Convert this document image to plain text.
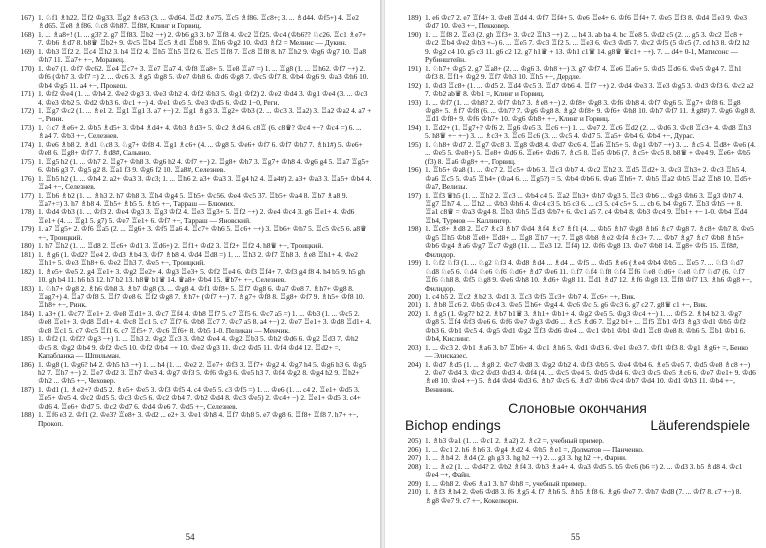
167) 1. ♘f1 ♗h22. ♖f2 ♔g33. ♖g2 ♗e53 (3. ... ♔d64. ♖d2 ♗e75. ♖c5 ♗f86. ♖c8+; 3. ... ♗d44. ♔f5+) 4. ♖e2 ♗d65. ♖e8 ♗f86. ♘c8 ♔h87. ♖f8#, Клинг и Горвиц.
168) 1. ... ♗a8+! (1. ... g3? 2. g7 ♖f83. ♖b2 −+) 2. ♔b6 g3 3. b7 ♖f8 4. ♔c2 ♖f25. ♔c4 (♔b6?? ♘c26. ♖c1 ♗e7+ 7. ♔b6 ♗d7 8. b8♛ ♖b2+ 9. ♔c5 ♖b4 ♖c5 ♗d1 ♖b8 9. ♖h6 ♔g2 10. ♔d3 ♗f2 = Мелнис — Дукин.
169) 1. ♔h3 ♖f2 2. ♖c4 ♖h2 3. h4 ♖f2 4. ♖h5 ♖h5 ♖f2 6. ♖c5 ♖f8 7. ♖c8 ♖f8 8. h7 ♖h2 9. ♔g6 ♔g7 10. ♖a8 ♔h7 11. ♖a7+ +−, Моравец.
170) 1. ♔e7 (1. ♔f7 ♔c62. ♖e4 ♖c7+ 3. ♖e7 ♖a7 4. ♔f8 ♖a8+ 5. ♖e8 ♖a7 =) 1. ... ♖g8 (1. ... ♖h62. ♔f7 −+) 2. ♔f6 (♔h7 3. ♔f7 =) 2. ... ♔c6 3. ♗g5 ♔g8 5. ♔e7 ♔h8 6. ♔d6 ♔g8 7. ♔c5 ♔f7 8. ♔b4 ♔g6 9. ♔a3 ♔h6 10. ♔b4 ♔g5 11. a4 +−, Прокеш.
171) 1. ♔f2 ♔e4 (1. ... ♔h4 2. ♔e2 ♔g3 3. ♔e3 ♔h2 4. ♔f2 ♔h3 5. ♔g1 ♔f2) 2. ♔e2 ♔d4 3. ♔g1 ♔e4 (3. ... ♔c3 4. ♔e3 ♔b2 5. ♔d2 ♔b3 6. ♔c1 +−) 4. ♔e1 ♔e5 5. ♔e3 ♔d5 6. ♔d2 1−0, Реги.
172) 1. ♖g7 ♔c2 (1. ... ♗e1 2. ♖g1 ♖g1 3. a7 +−) 2. ♖g1 ♗g3 3. ♖g2+ ♔b3 (2. ... ♔c3 3. ♖a2) 3. ♖a2 ♔a2 4. a7 +−, Рини.
173) 1. ♘c7 ♗e6+ 2. ♔b5 ♗d5+ 3. ♔b4 ♗d4+ 4. ♔b3 ♗d3+ 5. ♔c2 ♗d4 6. c8♖ (6. c8♛? ♔c4 +−? ♔c4 =) 6. ... ♗a4 7. ♔b3 +−, Селезнев.
174) 1. ♔e6 ♗b8 2. ♗d1 ♘c8 3. ♘g7+ ♔f8 4. ♖g1 ♗c6+ (4. ... ♔g8 5. ♔e6+ ♔f7 6. ♔f7 ♔h7 7. ♗h1#) 5. ♔e6+ ♔e8 6. ♖g8+ ♔f7 7. ♗d8#, Сальвио.
175) 1. ♖g5 h2 (1. ... ♔h7 2. ♖g7+ ♔h8 3. ♔g6 h2 4. ♔f7 +−) 2. ♖g8+ ♔h7 3. ♖g7+ ♔h8 4. ♔g6 g4 5. ♖a7 ♖g5+ 6. ♔h6 g3 7. ♔g5 g2 8. ♖a1 f3 9. ♔g6 f2 10. ♖a8#, Селезнев.
176) 1. ♖b5 h2 (1. ... ♔h4 2. a2+ ♔a3 3. ♔c3; 1. ... ♖h6 2. a3+ ♔a3 3. ♖g4 h2 4. ♖a4#) 2. a3+ ♔a3 3. ♖a5+ ♔b4 4. ♖a4 +−, Селезнев.
177) 1. ♖b6 ♗b2 (1. ... ♗h3 2. h7 ♔h8 3. ♖h4 ♔g4 5. ♖b5+ ♔c56. ♔e4 ♔c5 37. ♖b5+ ♔a4 8. ♖b7 ♗a8 9. ♖a7+=) 3. h7 ♗b8 4. ♖b5+ ♗b5 5. ♗b5 +−, Тарраш — Блюмих.
178) 1. ♔d4 ♔b3 (1. ... ♔f3 2. ♔e4 ♔g3 3. ♖g3 ♔f2 4. ♖e3 ♖g3+ 5. ♖f2 −+) 2. ♔e4 ♔c4 3. g6 ♖e1+ 4. ♔d6 ♖e1+ (4. ... ♖g1 5. g7) 5. ♔e7 ♖e1+ 6. ♔f7 +−, Тарраш — Яновский.
179) 1. a7 ♖g5+ 2. ♔f6 ♖a5 (2. ... ♖g6+ 3. ♔f5 ♖a6 4. ♖c7+ ♔h6 5. ♖c6+ −+) 3. ♖b6+ ♔h7 5. ♖c5 ♔c5 6. a8♛ +−, Троицкий.
180) 1. h7 ♖h2 (1. ... ♖d8 2. ♖c6+ ♔d1 3. ♖d6+) 2. ♖f1+ ♔d2 3. ♖f2+ ♖f2 4. h8♛ +−, Троицкий.
181) 1. ♗g6 (1. ♔d2? ♖e4 2. ♔d3 ♗b4 3. ♔f7 ♗b8 4. ♔d4 ♖d8 =) 1. ... ♖h3 2. ♔f7 ♖h8 3. ♗e8 ♖h1+ 4. ♔e2 ♖h1+ 5. ♔e3 ♖h8+ 6. ♔e2 ♖h3 7. ♔e5 +−, Троицкий.
182) 1. ♗e5+ ♔e5 2. g4 ♖e1+ 3. ♔g2 ♖e2+ 4. ♔g3 ♖e3+ 5. ♔f2 ♖e4 6. ♔f3 ♖f4+ 7. ♔f3 g4 f8 4. h4 b5 9. h5 gh 10. gh b4 11. h6 b3 12. h7 b2 13. h8♛ b1♛ 14. ♛a8+ ♔b4 15. ♛b7+ +−, Селезнев.
183) 1. ♘h7+ ♔g8 2. ♗h6 ♔h8 3. ♗b7 ♔g8 (3. ... ♔g8 4. ♔f1 ♔f8+ 5. ♖f7 ♔g8 6. ♔a7 ♔e8 7. ♗h7+ ♔g8 8. ♖ag7+) 4. ♖a7 ♔f8 5. ♖f7 ♔e8 6. ♖f2 ♔g8 7. ♗h7+ (♔f7 +−) 7. ♗g7+ ♔f8 8. ♖g8+ ♔f7 9. ♗h5+ ♔f8 10. ♖h8+ +−, Ринк.
184) 1. a3+ (1. ♔c7? ♖e1+ 2. ♔e8 ♖d1+ 3. ♔c7 ♖f4 4. ♔b8 ♖f7 5. c7 ♖f5 6. ♔c7 a5 =) 1. ... ♔b3 (1. ... ♔c5 2. ♔e8 ♖e1+ 3. ♔d8 ♖d1+ 4. ♔c8 ♖c1 5. c7 ♖f7 6. ♔b8 ♖c7 7. ♔c7 a5 8. a4 +−) 2. ♔e7 ♖e1+ 3. ♔d8 ♖d1+ 4. ♔c8 ♖c1 5. c7 ♔c5 ♖f1 6. c7 ♖f5+ 7. ♔c6 ♖f6+ 8. ♔b5 1-0. Пеликан — Менчик.
185) 1. ♔f2 (1. ♔f2? ♔g3 −+) 1. ... ♖h3 2. ♔g2 ♖c3 3. ♔h2 ♔e4 4. ♔g2 ♖b3 5. ♔h2 ♔d6 6. ♔g2 ♖d3 7. ♔h2 ♔c5 8. ♔g2 ♔b4 9. ♔f2 ♔c5 10. ♔f2 ♔b4 −+ 10. ♔e2 ♔g3 11. ♔c2 ♔d5 11. ♔f4 ♔d4 12. ♖d2+ =, Капабланка — Шпильман.
186) 1. ♔g8 (1. ♔g6? h4 2. ♔h5 h3 −+) 1. ... h4 (1. ... ♔e2 2. ♖e7+ ♔f3 3. ♖f7+ ♔g2 4. ♔g7 h4 5. ♔g6 h3 6. ♔g5 h2 7. ♖h7 +−) 2. ♖e7 ♔d2 3. ♖h7 ♔e3 4. ♔g7 ♔f3 5. ♔f6 ♔g3 6. ♔e5 h3 7. ♔f4 ♔g2 8. ♔g4 h2 9. ♖h2+ ♔h2 ... ♔h5 +−, Чеховер.
187) 1. ♔d1 (1. ♗e2+? ♔d5 2. ♗e5+ ♔e5 3. ♔f3 ♔f5 4. c4 ♔e5 5. c3 ♔f5 =) 1. ... ♔e6 (1. ... c4 2. ♖e1+ ♔d5 3. ♖e5+ ♔e5 4. ♔c2 ♔d5 5. ♔c3 ♔c5 6. ♔c2 ♔b4 7. ♔b2 ♔d4 8. ♔c3 ♔e5) 2. ♔c4+ −) 2. ♖e1+ ♔d5 3. c4+ ♔d6 4. ♖e6+ ♔d7 5. ♔c2 ♔d7 6. ♔d4 ♔e6 7. ♔d5 +−, Селезнев.
188) 1. ♖f6 e3 2. ♔f1 (2. ♔e3? ♖e8+ 3. ♔d2 ... e2+ 3. ♔e1 ♔h8 4. ♖f7 ♔h8 5. e7 ♔g8 6. ♖f8+ ♖f8 7. h7+ +−, Прокоп.
54
189) 1. e6 ♔c7 2. e7 ♖f4+ 3. ♔e8 ♖d4 4. ♔f7 ♖f4+ 5. ♔e6 ♖e4+ 6. ♔f6 ♖f4+ 7. ♔e5 ♖f3 8. ♔d4 ♖e3 9. ♔e3 ♔d7 10. ♔e3 +−, Пекковер.
190) 1. ... ♖f8 2. ♖e3 (2. gh ♖f3+ 3. ♔c2 ♖h3 −+) 2. ... h4 3. ab ba 4. bc ♖e8 5. ♔d2 c5 (2. ... g5 3. ♔c2 ♖c8 + ♔c2 ♖b4 ♔e2 ♔b3 +–) 6. ... ♖e5 7. ♔c3 ♖f2 5. ... ♖e3 6. ♔c3 ♔d5 7. ♔c2 ♔f5 (5 ♔c5 (7. cd h3 8. ♔f2 h2 9. ♔g2 c4 10. g5 c3 11. g6 c2 12. g7 h1♛ + 13. ♔h1 c1♛ 14. g8♛ ♛c1+ −+). 7. ... d4+ 0-1, Матисонс — Рубинштейн.
191) 1. ♘h7+ ♔g5 2. g7 ♖a8+ (2. ... ♔g6 3. ♔h8 +−) 3. g7 ♔f7 4. ♖e6 ♖a6+ 5. ♔d5 ♖d6 6. ♔e5 ♔g4 7. ♖h1 ♔f3 8. ♖f1+ ♔g2 9. ♖f7 ♔h3 10. ♖h5 +−, Дердле.
192) 1. ♔d3 ♖c8+ (1. ... ♔d5 2. ♖d4 ♔c5 3. ♖d7 ♔b6 4. ♖f7 −+) 2. ♔d4 ♔e3 3. ♖e3 ♔g5 3. ♔d3 ♔f3 6. ♔c2 a2 7. ♔b2 ab♛ 8. ♔b1 =, Клинг и Горвиц.
193) 1. ... ♔f7 (1. ... ♔h8? 2. ♔f7 ♔h7 3. ♗e8 +−) 2. ♔f8+ ♔g8 3. ♔f6 ♔h8 4. ♔f7 ♔g6 5. ♖g7+ ♔f8 6. ♖g8 ♔g8+ 5. ♗f7 ♔f8 (6. ... ♔h7? 7. ♔g6 ♔g8 8. ♗g2 ♔f8+ 9. ♔f6+ ♔h8 10. ♔h7 ♔f7 11. ♗g8#) 7. ♔g6 ♔g8 8. ♖d1 ♔f8+ 9. ♔f6 ♔h7+ 10. ♔g6 ♔h8+ +−, Клинг и Горвиц.
194) 1. ♖d2+ (1. ♖g7+? ♔f6 2. ♖g6 ♔e5 3. ♖c6 +−) 1. ... ♔e7 2. ♖c6 ♖d2 (2. ... ♔d6 3. ♔c8 ♖c3+ 4. ♔d8 ♖h3 5. h8♛ +− +−) 3. ... ♗c3+ 3. ♖c6 ♖c6 (3. ... ♔c5 4. ♔d7 5. ♖a5+ ♔b4 6. ♔b4 +−, Дурас.
195) 1. ♘h8+ ♔d7 2. ♖g7 ♔c8 3. ♖g8 ♔d8 4. ♔d7 ♔c6 4. ♖a6 ♖h5+ 5. ♔g1 ♔b7 −+) 3. ... ♗c5 4. ♖d8+ ♔e6 (4. ... ♔e5 5. ♔e8+) 5. ♖e8+ ♔d6 6. ♖e6+ ♔d6 7. ♗c5 8. ♖e5 ♔b6 (7. ♗c5+ ♔c5 8. b8♛ + ♔e4 9. ♖e6+ ♔b5 (f3) 8. ♖a6 ♔g8+ +−, Горвиц.
196) 1. ♖b5+ ♔a8 (1. ... ♔c7 2. ♖c5+ ♔b6 3. ♖c3 ♔b7 4. ♔c2 ♖h2 3. ♖d5 ♖d2+ 3. ♔c3 ♖h3+ 2. ♔c3 ♖h5 4. ♔a6 ♖c5 5. ♔a5 ♖h4+ (♔a4 6. ... ♖g5?) = 5. ♔b4 ♔b6 6. ♔a6 ♖h6+ 7. ♔b5 ♖a2 ♔b5 ♖a2 ♖h8 10. ♖d5+ ♔a7, Велизы.
197) 1. ♖f3 ♛h5 (1. ... ♖h2 2. ♖c3 ... ♔b4 c4 5. ♖a2 ♖h3+ ♔h7 ♔g3 5. ♖c3 ♔b6 ... ♔g3 ♔h6 3. ♖g3 ♔h7 4. ♖g7 ♖h7 4. ... ♖h2 ... ♔b3 ♔h6 4. ♔c4 c3 5. b5 c3 6. ... c3 5. c4 c5+ 5. ... cb 6. b4 ♔g6 7. ♖b3 ♔h5 −+ 8. ♖a1 c8♛ = ♔a3 ♔g4 8. ♖b3 ♔h5 ♖d3 ♔b7+ 6. ♔c1 a5 7. c4 ♔b4 8. ♔b3 ♔c4 9. ♖b1+ +− 1-0. ♔b4 ♖d4 ♖b4, Турмов — Каллингер.
198) 1. ♖c8+ ♗d8 2. ♖c7 ♗c3 ♗b7 ♔d4 ♗f4 ♗c7 ♗f1 (4. ... ♔b5 ♗h7 ♔g8 ♗h6 ♗c7 ♔g8 7. ♗c8+ ♔h7 8. ♔e5 ♔g5 ♖h5 ♔b8 ♖e8+ ♖d8+ ... ♖g8 ♖h7 −+; 7. ♖g8 ♔b8 ♗e2 ♔f4 ♗c3+ 7. ... ♔b7 ♗g7 ♗c7 ♔b8 ♗h5+ ♔b6 ♔g4 ♗a6 ♔g7 ♖c7 ♔g8 (11. ... ♖e3 12. ♖f4) 12. ♔f6 ♔g8 13. ♔e7 ♔b8 14. ♖g8+ ♔f5 15. ♖f8#, Филидор.
199) 1. ♘f2 ♘f3 (1. ... ♘g2 ♘f3 4. ♔d8 ♗d4 ... ♗d4 ... ♔f5 ... ♔d5 ♗e6 (♗e4 ♔b4 ♔b5 ... ♖e5 7. ... ♘f3 ♘d7 ♘d8 ♘e5 6. ♘d4 ♘e6 ♘f6 ♘d6+ ♗d7 ♔e6 11. ♘f7 ♘f4 ♘f8 ♘f4 ♖f6 ♘e8 ♘d6+ ♘e8 ♘f7 ♘d7 (6. ♘f7 ♖f6 ♘h8 8. ♔f5 ♘g8 9. ♔e6 ♔h8 10. ♗d6+ ♔g8 11. ♖d1 ♗d7 12. ♗f6 ♔g8 13. ♖f8 ♔f7 13. ♗h6 ♔g8 +−, Филидор.
200) 1. c4 b5 2. ♖c2 ♗b2 3. ♔d1 3. ♖c3 ♔f5 ♖c3+ ♔b7 4. ♖c6+ −+, Вик.
201) 1. ♗b8 ♖c6 2. ♔b5 ♔c4 3. ♔e5 ♖h6+ ♔g4 4. ♔c6 ♔c 5. g6 ♔c3 6. g7 c2 7. g8♛ c1 +−, Вик.
202) 1. ♗g5 (1. ♔g7? b2 2. ♗b7 b1♛ 3. ♗h1+ ♔b1+ 4. ♔g2 ♔e5 5. ♔g3 ♔c4 +−) 1. ... ♔f5 2. ♗h4 b2 3. ♔g7 ♔g8 5. ♖f4 ♔f3 ♔e6 6. ♔f6 ♔e7 ♔g3 ♔d6 ... ♗c5 ♗d6 7. ♖g2 b1+ ... ♖f5 ♖b1 ♔f3 ♗g3 ♔d1 ♔b5 ♔f2 ♔b3 6. ♔b1 ♔c5 4. ♔g5 ♔d1 ♔g2 ♖f3 ♔d6 ♔e4 ... ♔c1 ♔b1 ♔b1 ♔d1 ♖c8 ♔e8 8. ♔h6 5. ♖b1 ♔b1 6. ♔b4, Кислинг.
203) 1. ... ♔c3 2. ♔b1 ♗a6 3. b7 ♖b6+ 4. ♔c1 ♗h6 5. ♔d1 ♔d3 6. ♔e1 ♔e3 7. ♔f1 ♔f3 8. ♔g1 ♗g6+ =, Бенко — Элисказес.
204) 1. ♔d7 ♗d5 (1. ... ♗g8 2. ♔c7 ♔d8 3. ♔g2 ♔b2 4. ♔f3 ♔b5 5. ♔e4 ♔b4 6. ♗e5 ♔e5 7. ♔d5 ♔e8 ♗c8 +−) 2. ♔e7 ♔d4 3. ♔c2 ♔d3 ♔d3 4. ♔f4 (4. ... ♔c5 ♔e4 5. ♔d5 ♔d4 6. ♔c3 ♔c5 ♔e5 ♗c6 6. ♔e7 ♔e1+ 9. ♔d6 ♗e8 10. ♔e4 +−) 5. ♗d4 ♔d4 ♔d3 6. ♗b7 ♔c5 6. ♗d7 ♔b6 ♔c4 ♔b7 ♔d4 10. ♔d1 ♔b3 11. ♔b4 +−, Вениник.
Слоновые окончания
Bichop endings	Läuferendspiele
205) 1. ♗b3 ♔a1 (1. ... ♔c1 2. ♗a2) 2. ♗c2 =, учебный пример.
206) 1. ... ♔c1 2. h6 ♗h6 3. ♔g4 ♗d2 4. ♔h5 ♗e1 =, Долматов — Панченко.
207) 1. ... ♗h4 2. ♗d4 (2. gh g3 3. hg h2 −+) 2. ... g3 3. hg h2 −+, Фарни.
208) 1. ... ♗e2 (1. ... ♔d4? 2. ♔b2 ♗f4 3. ♔b3 ♗a4+ 4. ♔a3 ♔d5 5. b5 ♔c6 (b6 =) 2. ... ♔d3 3. b5 ♗d8 4. ♔c1 ♔e4 −+, Файн.
209) 1. ... ♔h8 2. ♔e6 ♗a1 3. h7 ♔h8 =, учебный пример.
210) 1. ♗f3 ♗h4 2. ♔e6 ♔d8 3. f6 ♗g5 4. f7 ♗h6 5. ♗h5 ♗f8 6. ♗g6 ♔e7 7. ♔h7 ♔d8 (7. ... ♔f7 8. c7 +−) 8. ♗g8 ♔e7 9. c7 +−, Кокелкорн.
55
